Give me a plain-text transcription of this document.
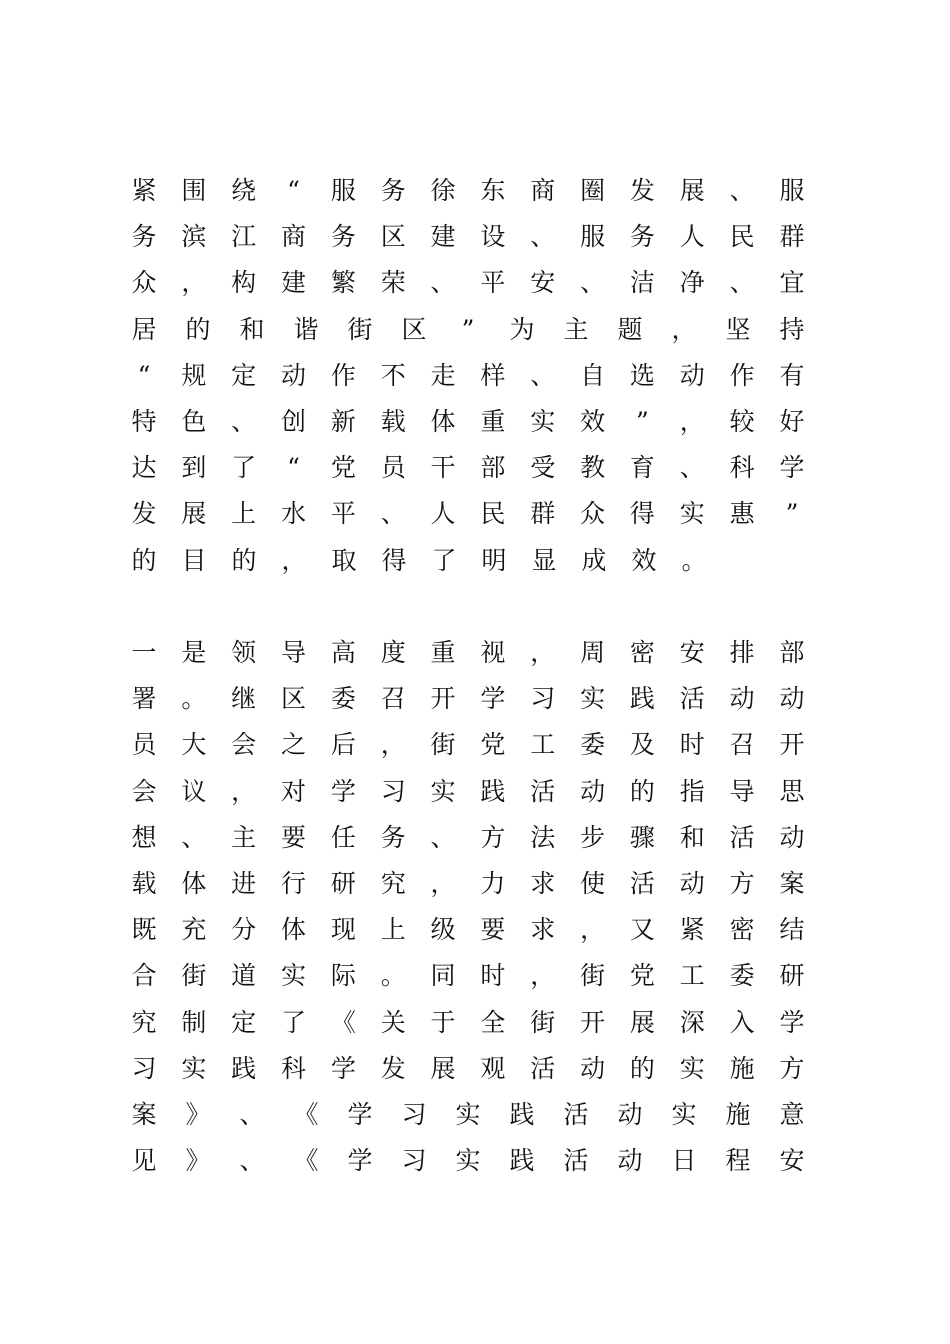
紧 围 绕	“	服 务 徐 东 商 圈 发 展 、 服
务 滨 江 商 务 区 建 设 、 服 务 人 民 群
众 ， 构 建 繁 荣 、 平 安 、 洁 净 、 宜
居 的 和 谐 街 区	”	为 主 题 ， 坚 持
“	规 定 动 作 不 走 样 、 自 选 动 作 有
特 色 、 创 新 载 体 重 实 效	”	， 较 好
达 到 了	“	党 员 干 部 受 教 育 、 科 学
发 展 上 水 平 、 人 民 群 众 得 实 惠	”
的 目 的 ， 取 得 了 明 显 成 效 。
一 是 领 导 高 度 重 视 ， 周 密 安 排 部
署 。 继 区 委 召 开 学 习 实 践 活 动 动
员 大 会 之 后 ， 街 党 工 委 及 时 召 开
会 议 ， 对 学 习 实 践 活 动 的 指 导 思
想 、 主 要 任 务 、 方 法 步 骤 和 活 动
载 体 进 行 研 究 ， 力 求 使 活 动 方 案
既 充 分 体 现 上 级 要 求 ， 又 紧 密 结
合 街 道 实 际 。 同 时 ， 街 党 工 委 研
究 制 定 了 《 关 于 全 街 开 展 深 入 学
习 实 践 科 学 发 展 观 活 动 的 实 施 方
案 》 、 《 学 习 实 践 活 动 实 施 意
见 》 、 《 学 习 实 践 活 动 日 程 安
